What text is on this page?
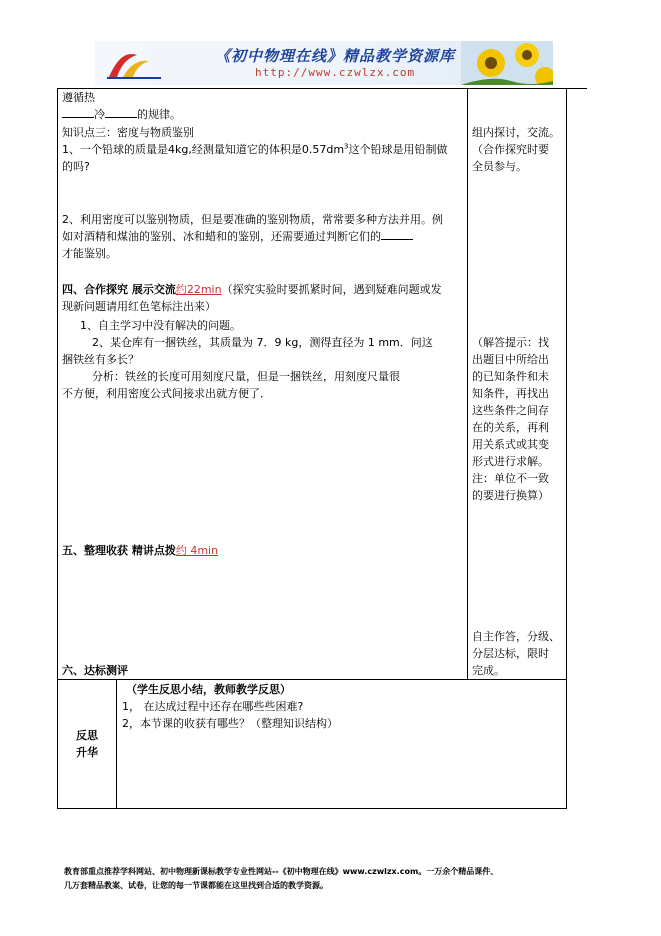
《初中物理在线》精品教学资源库
http://www.czwlzx.com
遵循热
冷	的规律。
知识点三：密度与物质鉴别
1、一个铅球的质量是4kg,经测量知道它的体积是$0.57dm^3$这个铅球是用铅制做
的吗?
2、利用密度可以鉴别物质，但是要准确的鉴别物质，常常要多种方法并用。例
如对酒精和煤油的鉴别、冰和蜡和的鉴别，还需要通过判断它们的
才能鉴别。
四、合作探究 展示交流约22min（探究实验时要抓紧时间，遇到疑难问题或发
现新问题请用红色笔标注出来）
1、自主学习中没有解决的问题。
2、某仓库有一捆铁丝，其质量为 7．9 kg，测得直径为 1 mm．问这
捆铁丝有多长？
分析：铁丝的长度可用刻度尺量，但是一捆铁丝，用刻度尺量很
不方便，利用密度公式间接求出就方便了．
五、整理收获 精讲点拨约 4min
六、达标测评
组内探讨，交流。
（合作探究时要
全员参与。
（解答提示：找
出题目中所给出
的已知条件和未
知条件，再找出
这些条件之间存
在的关系，再利
用关系式或其变
形式进行求解。
注：单位不一致
的要进行换算）
自主作答，分级、
分层达标，限时
完成。
反思
升华
（学生反思小结，教师教学反思）
1， 在达成过程中还存在哪些些困难?
2，本节课的收获有哪些？（整理知识结构）
教育部重点推荐学科网站、初中物理新课标教学专业性网站--《初中物理在线》www.czwlzx.com。一万余个精品课件、
几万套精品教案、试卷，让您的每一节课都能在这里找到合适的教学资源。
